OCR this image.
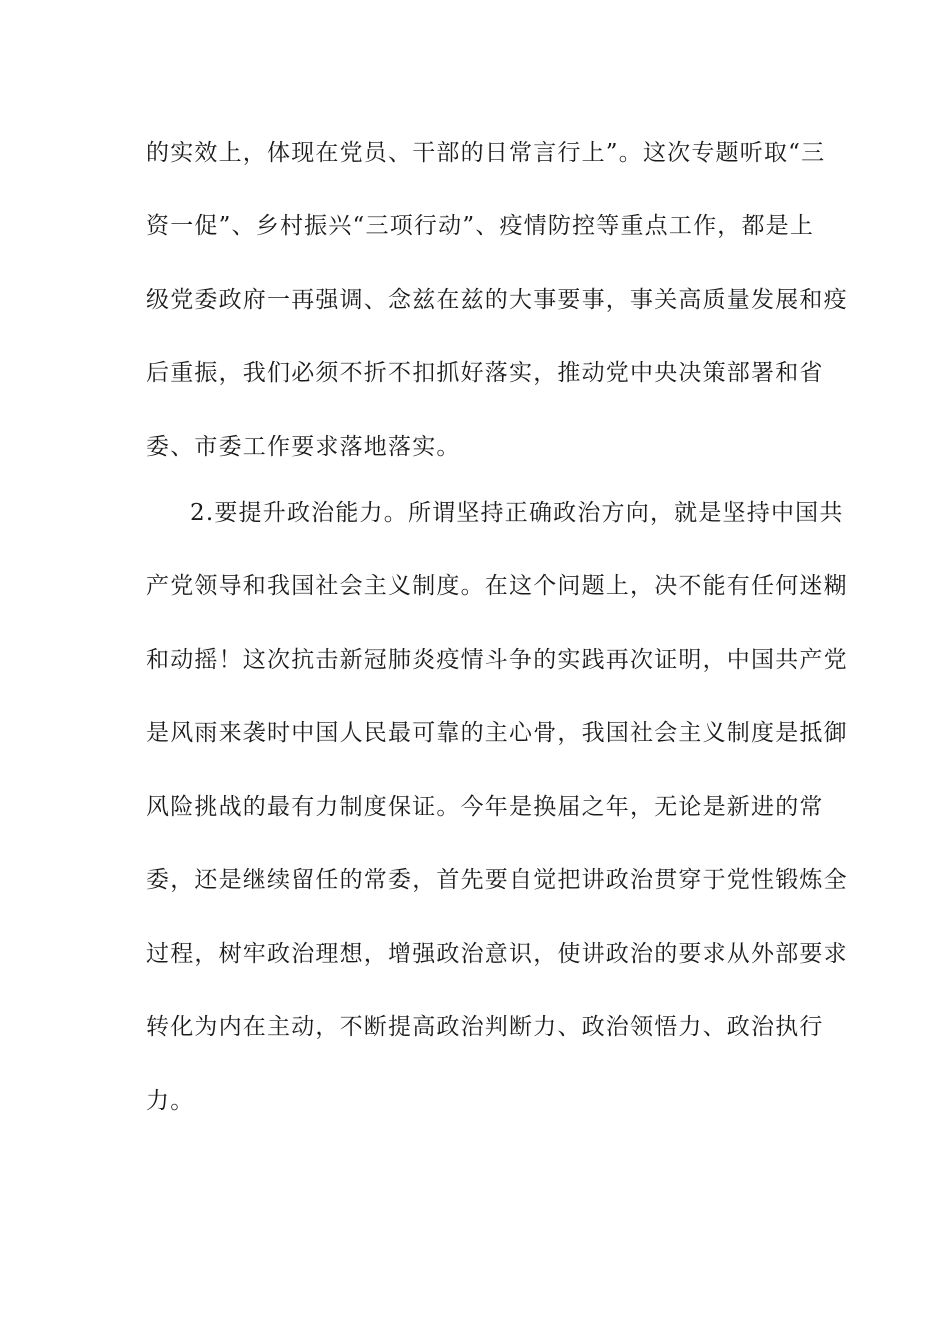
的实效上，体现在党员、干部的日常言行上”。这次专题听取“三
资一促”、乡村振兴“三项行动”、疫情防控等重点工作，都是上
级党委政府一再强调、念兹在兹的大事要事，事关高质量发展和疫
后重振，我们必须不折不扣抓好落实，推动党中央决策部署和省
委、市委工作要求落地落实。
2.要提升政治能力。所谓坚持正确政治方向，就是坚持中国共
产党领导和我国社会主义制度。在这个问题上，决不能有任何迷糊
和动摇！这次抗击新冠肺炎疫情斗争的实践再次证明，中国共产党
是风雨来袭时中国人民最可靠的主心骨，我国社会主义制度是抵御
风险挑战的最有力制度保证。今年是换届之年，无论是新进的常
委，还是继续留任的常委，首先要自觉把讲政治贯穿于党性锻炼全
过程，树牢政治理想，增强政治意识，使讲政治的要求从外部要求
转化为内在主动，不断提高政治判断力、政治领悟力、政治执行
力。
